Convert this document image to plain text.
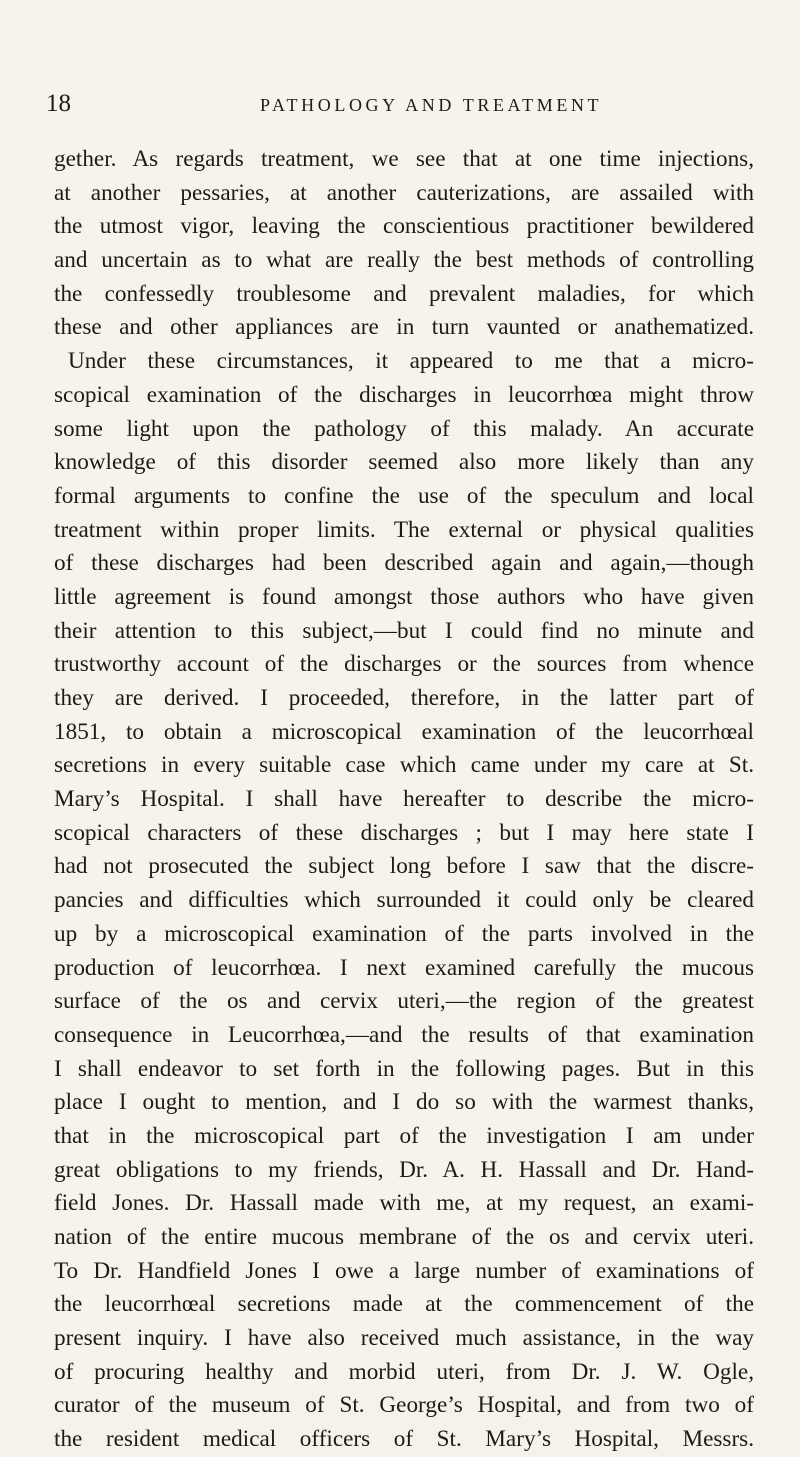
18	PATHOLOGY AND TREATMENT
gether. As regards treatment, we see that at one time injections,
at another pessaries, at another cauterizations, are assailed with
the utmost vigor, leaving the conscientious practitioner bewildered
and uncertain as to what are really the best methods of controlling
the confessedly troublesome and prevalent maladies, for which
these and other appliances are in turn vaunted or anathematized.
Under these circumstances, it appeared to me that a micro-
scopical examination of the discharges in leucorrhœa might throw
some light upon the pathology of this malady. An accurate
knowledge of this disorder seemed also more likely than any
formal arguments to confine the use of the speculum and local
treatment within proper limits. The external or physical qualities
of these discharges had been described again and again,—though
little agreement is found amongst those authors who have given
their attention to this subject,—but I could find no minute and
trustworthy account of the discharges or the sources from whence
they are derived. I proceeded, therefore, in the latter part of
1851, to obtain a microscopical examination of the leucorrhœal
secretions in every suitable case which came under my care at St.
Mary’s Hospital. I shall have hereafter to describe the micro-
scopical characters of these discharges ; but I may here state I
had not prosecuted the subject long before I saw that the discre-
pancies and difficulties which surrounded it could only be cleared
up by a microscopical examination of the parts involved in the
production of leucorrhœa. I next examined carefully the mucous
surface of the os and cervix uteri,—the region of the greatest
consequence in Leucorrhœa,—and the results of that examination
I shall endeavor to set forth in the following pages. But in this
place I ought to mention, and I do so with the warmest thanks,
that in the microscopical part of the investigation I am under
great obligations to my friends, Dr. A. H. Hassall and Dr. Hand-
field Jones. Dr. Hassall made with me, at my request, an exami-
nation of the entire mucous membrane of the os and cervix uteri.
To Dr. Handfield Jones I owe a large number of examinations of
the leucorrhœal secretions made at the commencement of the
present inquiry. I have also received much assistance, in the way
of procuring healthy and morbid uteri, from Dr. J. W. Ogle,
curator of the museum of St. George’s Hospital, and from two of
the resident medical officers of St. Mary’s Hospital, Messrs.
